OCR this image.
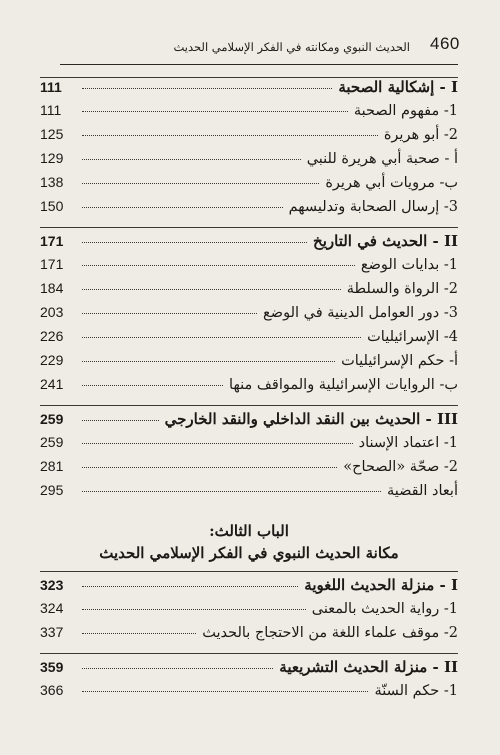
460
الحديث النبوي ومكانته في الفكر الإسلامي الحديث
I - إشكالية الصحبة
111
1- مفهوم الصحبة
111
2- أبو هريرة
125
أ - صحبة أبي هريرة للنبي
129
ب- مرويات أبي هريرة
138
3- إرسال الصحابة وتدليسهم
150
II - الحديث في التاريخ
171
1- بدايات الوضع
171
2- الرواة والسلطة
184
3- دور العوامل الدينية في الوضع
203
4- الإسرائيليات
226
أ- حكم الإسرائيليات
229
ب- الروايات الإسرائيلية والمواقف منها
241
III - الحديث بين النقد الداخلي والنقد الخارجي
259
1- اعتماد الإسناد
259
2- صحّة «الصحاح»
281
أبعاد القضية
295
الباب الثالث:
مكانة الحديث النبوي في الفكر الإسلامي الحديث
I - منزلة الحديث اللغوية
323
1- رواية الحديث بالمعنى
324
2- موقف علماء اللغة من الاحتجاج بالحديث
337
II - منزلة الحديث التشريعية
359
1- حكم السنّة
366
